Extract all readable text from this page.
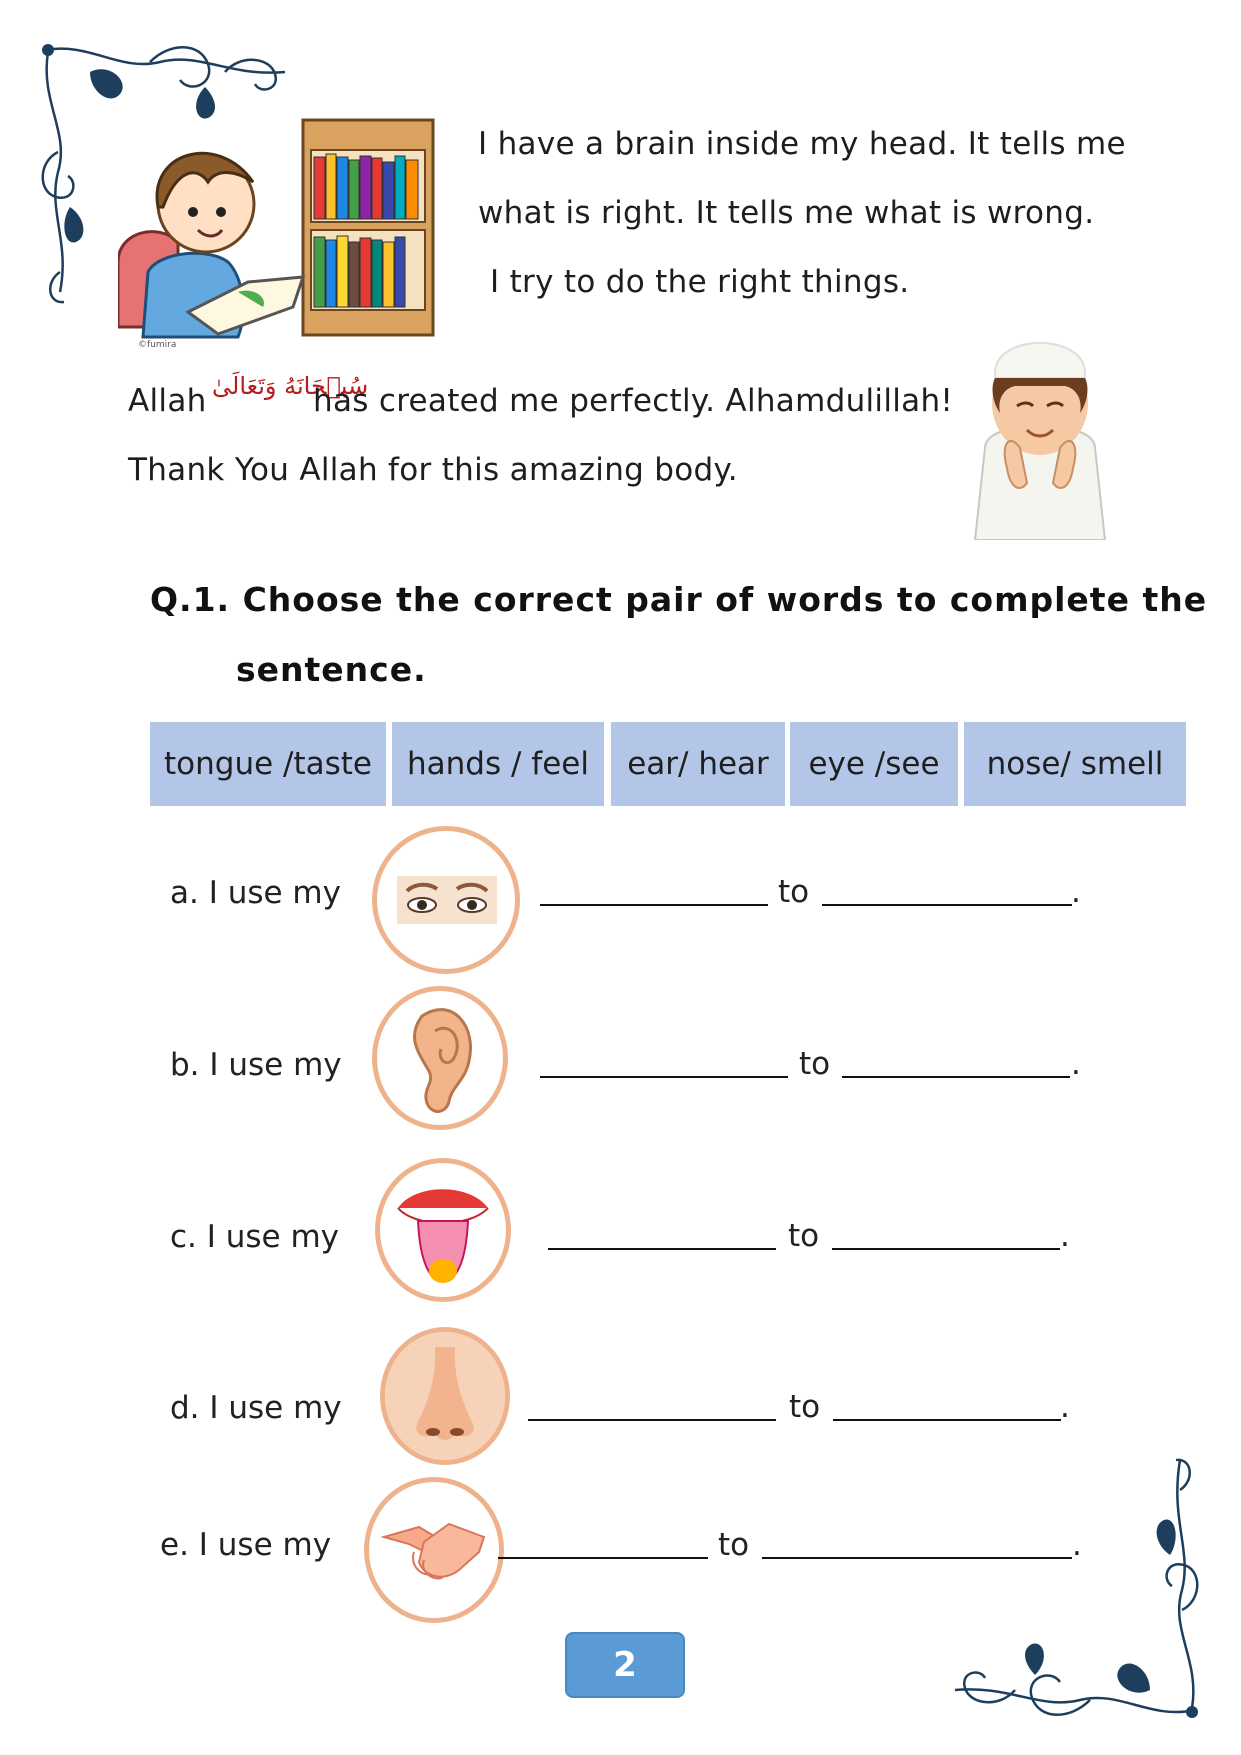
©fumira
I have a brain inside my head. It tells me
what is right. It tells me what is wrong.
I try to do the right things.
Allah سُبۡحَانَهُ وَتَعَالَىٰ
has created me perfectly. Alhamdulillah!
Thank You Allah for this amazing body.
Q.1. Choose the correct pair of words to complete the
sentence.
tongue /taste	hands / feel	ear/ hear	eye /see	nose/ smell
a. I use my	to	.
b. I use my	to	.
c. I use my	to	.
d. I use my	to	.
e. I use my	to	.
2
